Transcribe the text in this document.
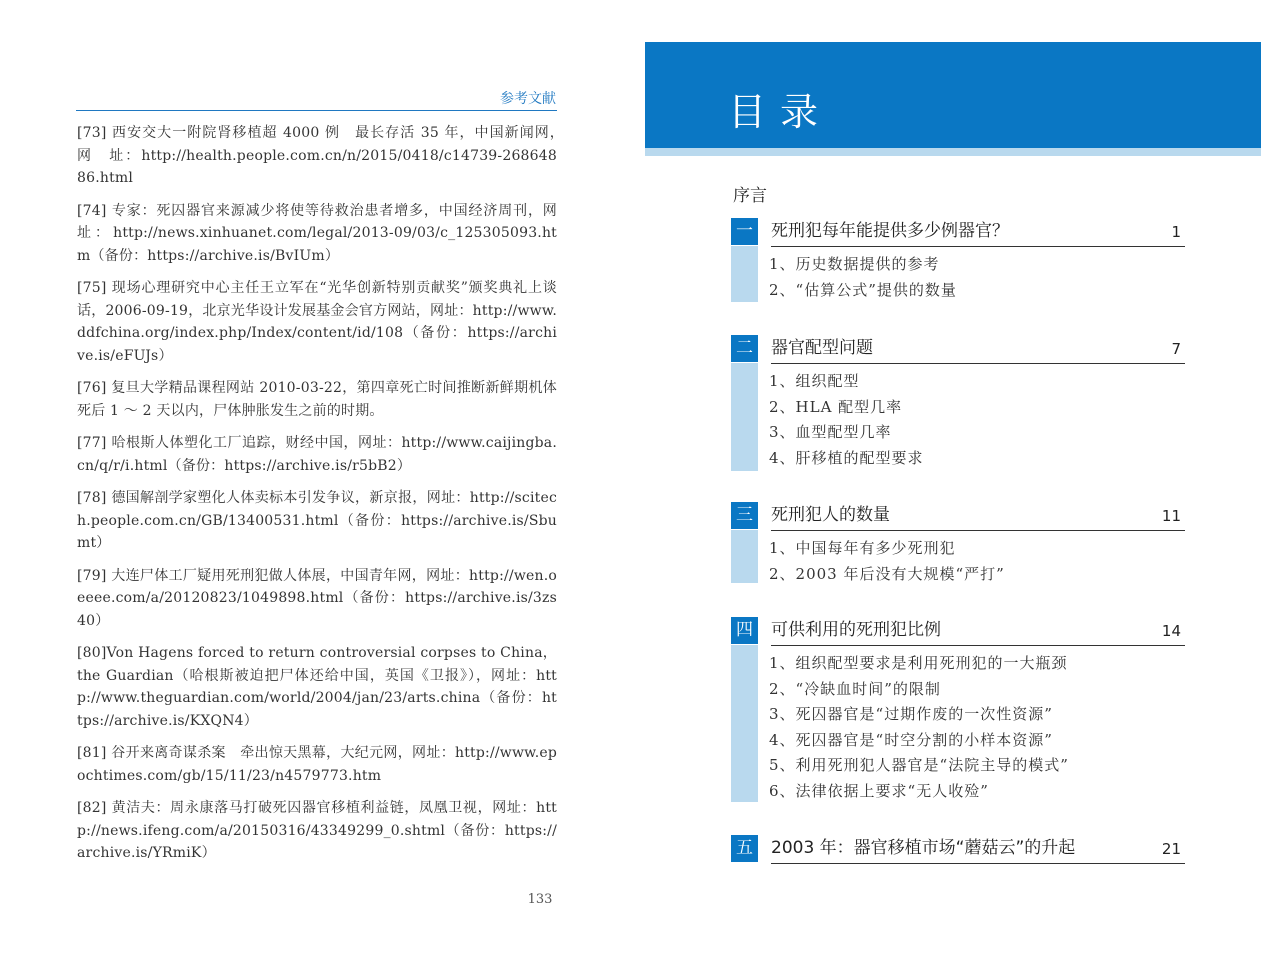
参考文献

[73] 西安交大一附院肾移植超 4000 例　最长存活 35 年，中国新闻网，　网　址：http://health.people.com.cn/n/2015/0418/c14739-26864886.html

[74] 专家：死囚器官来源减少将使等待救治患者增多，中国经济周刊，网址：http://news.xinhuanet.com/legal/2013-09/03/c_125305093.htm（备份：https://archive.is/BvIUm）

[75] 现场心理研究中心主任王立军在“光华创新特别贡献奖”颁奖典礼上谈话，2006-09-19，北京光华设计发展基金会官方网站，网址：http://www.ddfchina.org/index.php/Index/content/id/108（备份：https://archive.is/eFUJs）

[76] 复旦大学精品课程网站 2010-03-22，第四章死亡时间推断新鲜期机体死后 1 ～ 2 天以内，尸体肿胀发生之前的时期。

[77] 哈根斯人体塑化工厂追踪，财经中国，网址：http://www.caijingba.cn/q/r/i.html（备份：https://archive.is/r5bB2）

[78] 德国解剖学家塑化人体卖标本引发争议，新京报，网址：http://scitech.people.com.cn/GB/13400531.html（备份：https://archive.is/Sbumt）

[79] 大连尸体工厂疑用死刑犯做人体展，中国青年网，网址：http://wen.oeeee.com/a/20120823/1049898.html（备份：https://archive.is/3zs40）

[80]Von Hagens forced to return controversial corpses to China，the Guardian（哈根斯被迫把尸体还给中国，英国《卫报》），网址：http://www.theguardian.com/world/2004/jan/23/arts.china（备份：https://archive.is/KXQN4）

[81] 谷开来离奇谋杀案　牵出惊天黑幕，大纪元网，网址：http://www.epochtimes.com/gb/15/11/23/n4579773.htm

[82] 黄洁夫：周永康落马打破死囚器官移植利益链，凤凰卫视，网址：http://news.ifeng.com/a/20150316/43349299_0.shtml（备份：https://archive.is/YRmiK）

133
目录
序言
一 死刑犯每年能提供多少例器官？	1
1、历史数据提供的参考
2、“估算公式”提供的数量
二 器官配型问题	7
1、组织配型
2、HLA 配型几率
3、血型配型几率
4、肝移植的配型要求
三 死刑犯人的数量	11
1、中国每年有多少死刑犯
2、2003 年后没有大规模“严打”
四 可供利用的死刑犯比例	14
1、组织配型要求是利用死刑犯的一大瓶颈
2、“冷缺血时间”的限制
3、死囚器官是“过期作废的一次性资源”
4、死囚器官是“时空分割的小样本资源”
5、利用死刑犯人器官是“法院主导的模式”
6、法律依据上要求“无人收殓”
五 2003 年：器官移植市场“蘑菇云”的升起	21
